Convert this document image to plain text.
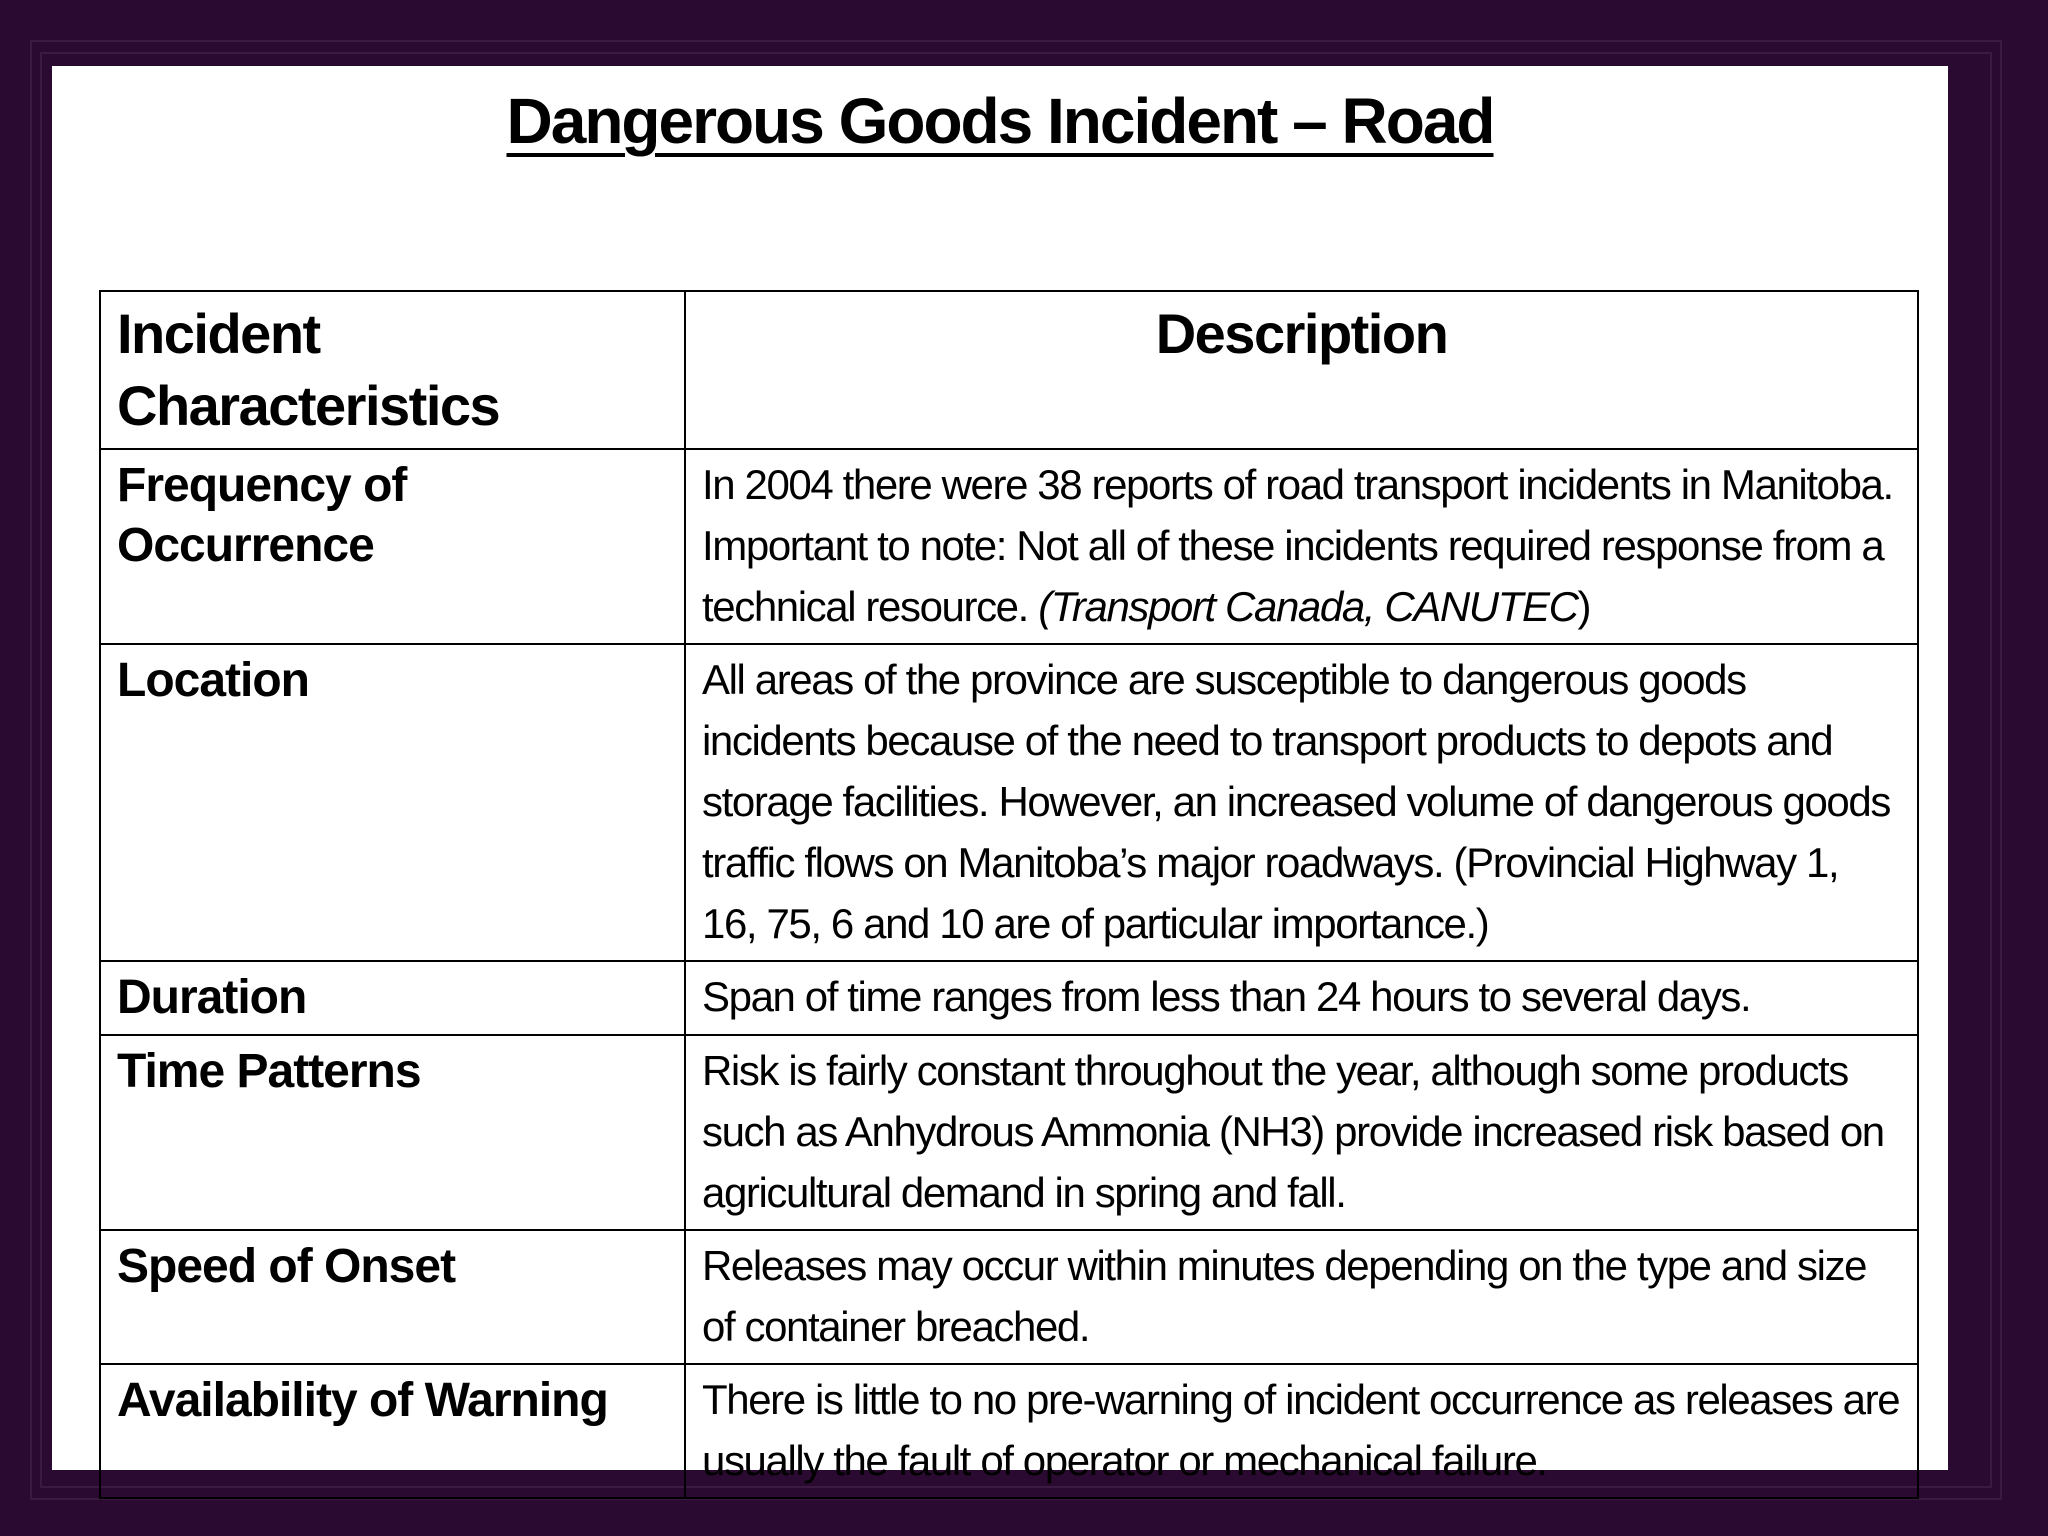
Dangerous Goods Incident – Road
Incident Characteristics	Description
Frequency of Occurrence	In 2004 there were 38 reports of road transport incidents in Manitoba. Important to note: Not all of these incidents required response from a technical resource. (Transport Canada, CANUTEC)
Location	All areas of the province are susceptible to dangerous goods incidents because of the need to transport products to depots and storage facilities. However, an increased volume of dangerous goods traffic flows on Manitoba’s major roadways. (Provincial Highway 1, 16, 75, 6 and 10 are of particular importance.)
Duration	Span of time ranges from less than 24 hours to several days.
Time Patterns	Risk is fairly constant throughout the year, although some products such as Anhydrous Ammonia (NH3) provide increased risk based on agricultural demand in spring and fall.
Speed of Onset	Releases may occur within minutes depending on the type and size of container breached.
Availability of Warning	There is little to no pre-warning of incident occurrence as releases are usually the fault of operator or mechanical failure.
